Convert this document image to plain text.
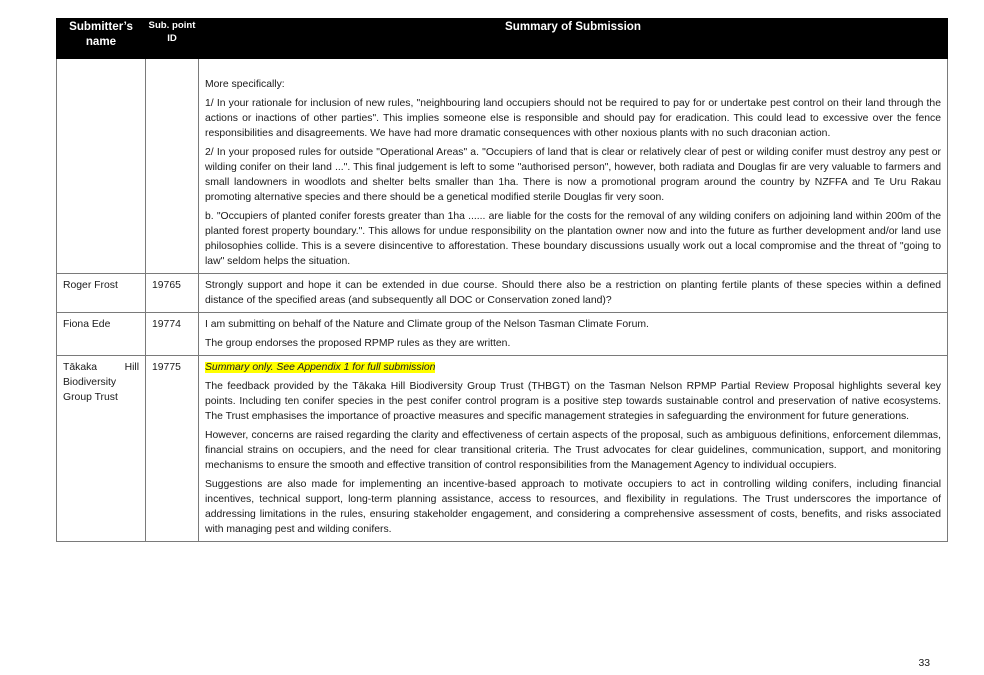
Submitter’s name	Sub. point ID	Summary of Submission

		More specifically:

1/ In your rationale for inclusion of new rules, "neighbouring land occupiers should not be required to pay for or undertake pest control on their land through the actions or inactions of other parties". This implies someone else is responsible and should pay for eradication. This could lead to excessive over the fence responsibilities and disagreements. We have had more dramatic consequences with other noxious plants with no such draconian action.

2/ In your proposed rules for outside "Operational Areas" a. "Occupiers of land that is clear or relatively clear of pest or wilding conifer must destroy any pest or wilding conifer on their land ...". This final judgement is left to some "authorised person", however, both radiata and Douglas fir are very valuable to farmers and small landowners in woodlots and shelter belts smaller than 1ha. There is now a promotional program around the country by NZFFA and Te Uru Rakau promoting alternative species and there should be a genetical modified sterile Douglas fir very soon.

b. "Occupiers of planted conifer forests greater than 1ha ...... are liable for the costs for the removal of any wilding conifers on adjoining land within 200m of the planted forest property boundary.". This allows for undue responsibility on the plantation owner now and into the future as further development and/or land use philosophies collide. This is a severe disincentive to afforestation. These boundary discussions usually work out a local compromise and the threat of "going to law" seldom helps the situation.

Roger Frost	19765	Strongly support and hope it can be extended in due course. Should there also be a restriction on planting fertile plants of these species within a defined distance of the specified areas (and subsequently all DOC or Conservation zoned land)?

Fiona Ede	19774	I am submitting on behalf of the Nature and Climate group of the Nelson Tasman Climate Forum.

The group endorses the proposed RPMP rules as they are written.

Tākaka Hill Biodiversity Group Trust	19775	Summary only. See Appendix 1 for full submission

The feedback provided by the Tākaka Hill Biodiversity Group Trust (THBGT) on the Tasman Nelson RPMP Partial Review Proposal highlights several key points. Including ten conifer species in the pest conifer control program is a positive step towards sustainable control and preservation of native ecosystems. The Trust emphasises the importance of proactive measures and specific management strategies in safeguarding the environment for future generations.

However, concerns are raised regarding the clarity and effectiveness of certain aspects of the proposal, such as ambiguous definitions, enforcement dilemmas, financial strains on occupiers, and the need for clear transitional criteria. The Trust advocates for clear guidelines, communication, support, and monitoring mechanisms to ensure the smooth and effective transition of control responsibilities from the Management Agency to individual occupiers.

Suggestions are also made for implementing an incentive-based approach to motivate occupiers to act in controlling wilding conifers, including financial incentives, technical support, long-term planning assistance, access to resources, and flexibility in regulations. The Trust underscores the importance of addressing limitations in the rules, ensuring stakeholder engagement, and considering a comprehensive assessment of costs, benefits, and risks associated with managing pest and wilding conifers.

33
